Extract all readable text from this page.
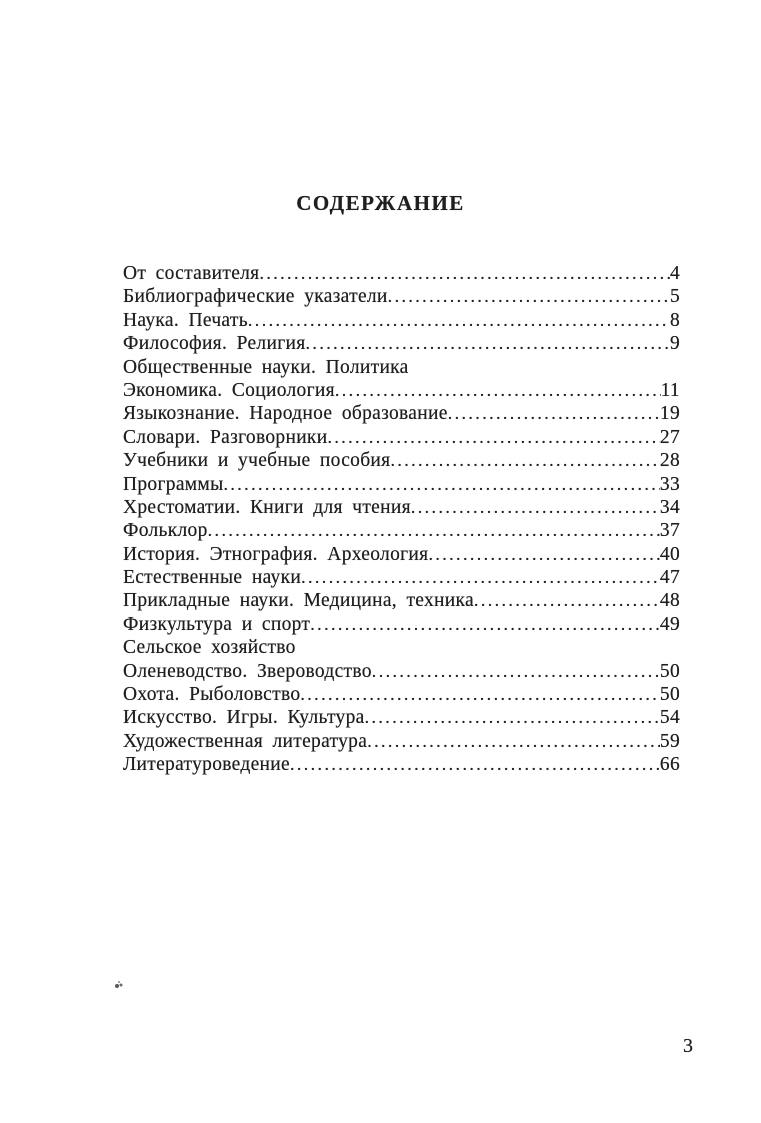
СОДЕРЖАНИЕ
От составителя .....	4
Библиографические указатели .....	5
Наука. Печать .....	8
Философия. Религия .....	9
Общественные науки. Политика
Экономика. Социология .....	11
Языкознание. Народное образование .....	19
Словари. Разговорники .....	27
Учебники и учебные пособия .....	28
Программы .....	33
Хрестоматии. Книги для чтения .....	34
Фольклор .....	37
История. Этнография. Археология .....	40
Естественные науки .....	47
Прикладные науки. Медицина, техника .....	48
Физкультура и спорт .....	49
Сельское хозяйство
Оленеводство. Звероводство .....	50
Охота. Рыболовство .....	50
Искусство. Игры. Культура .....	54
Художественная литература .....	59
Литературоведение .....	66
3
